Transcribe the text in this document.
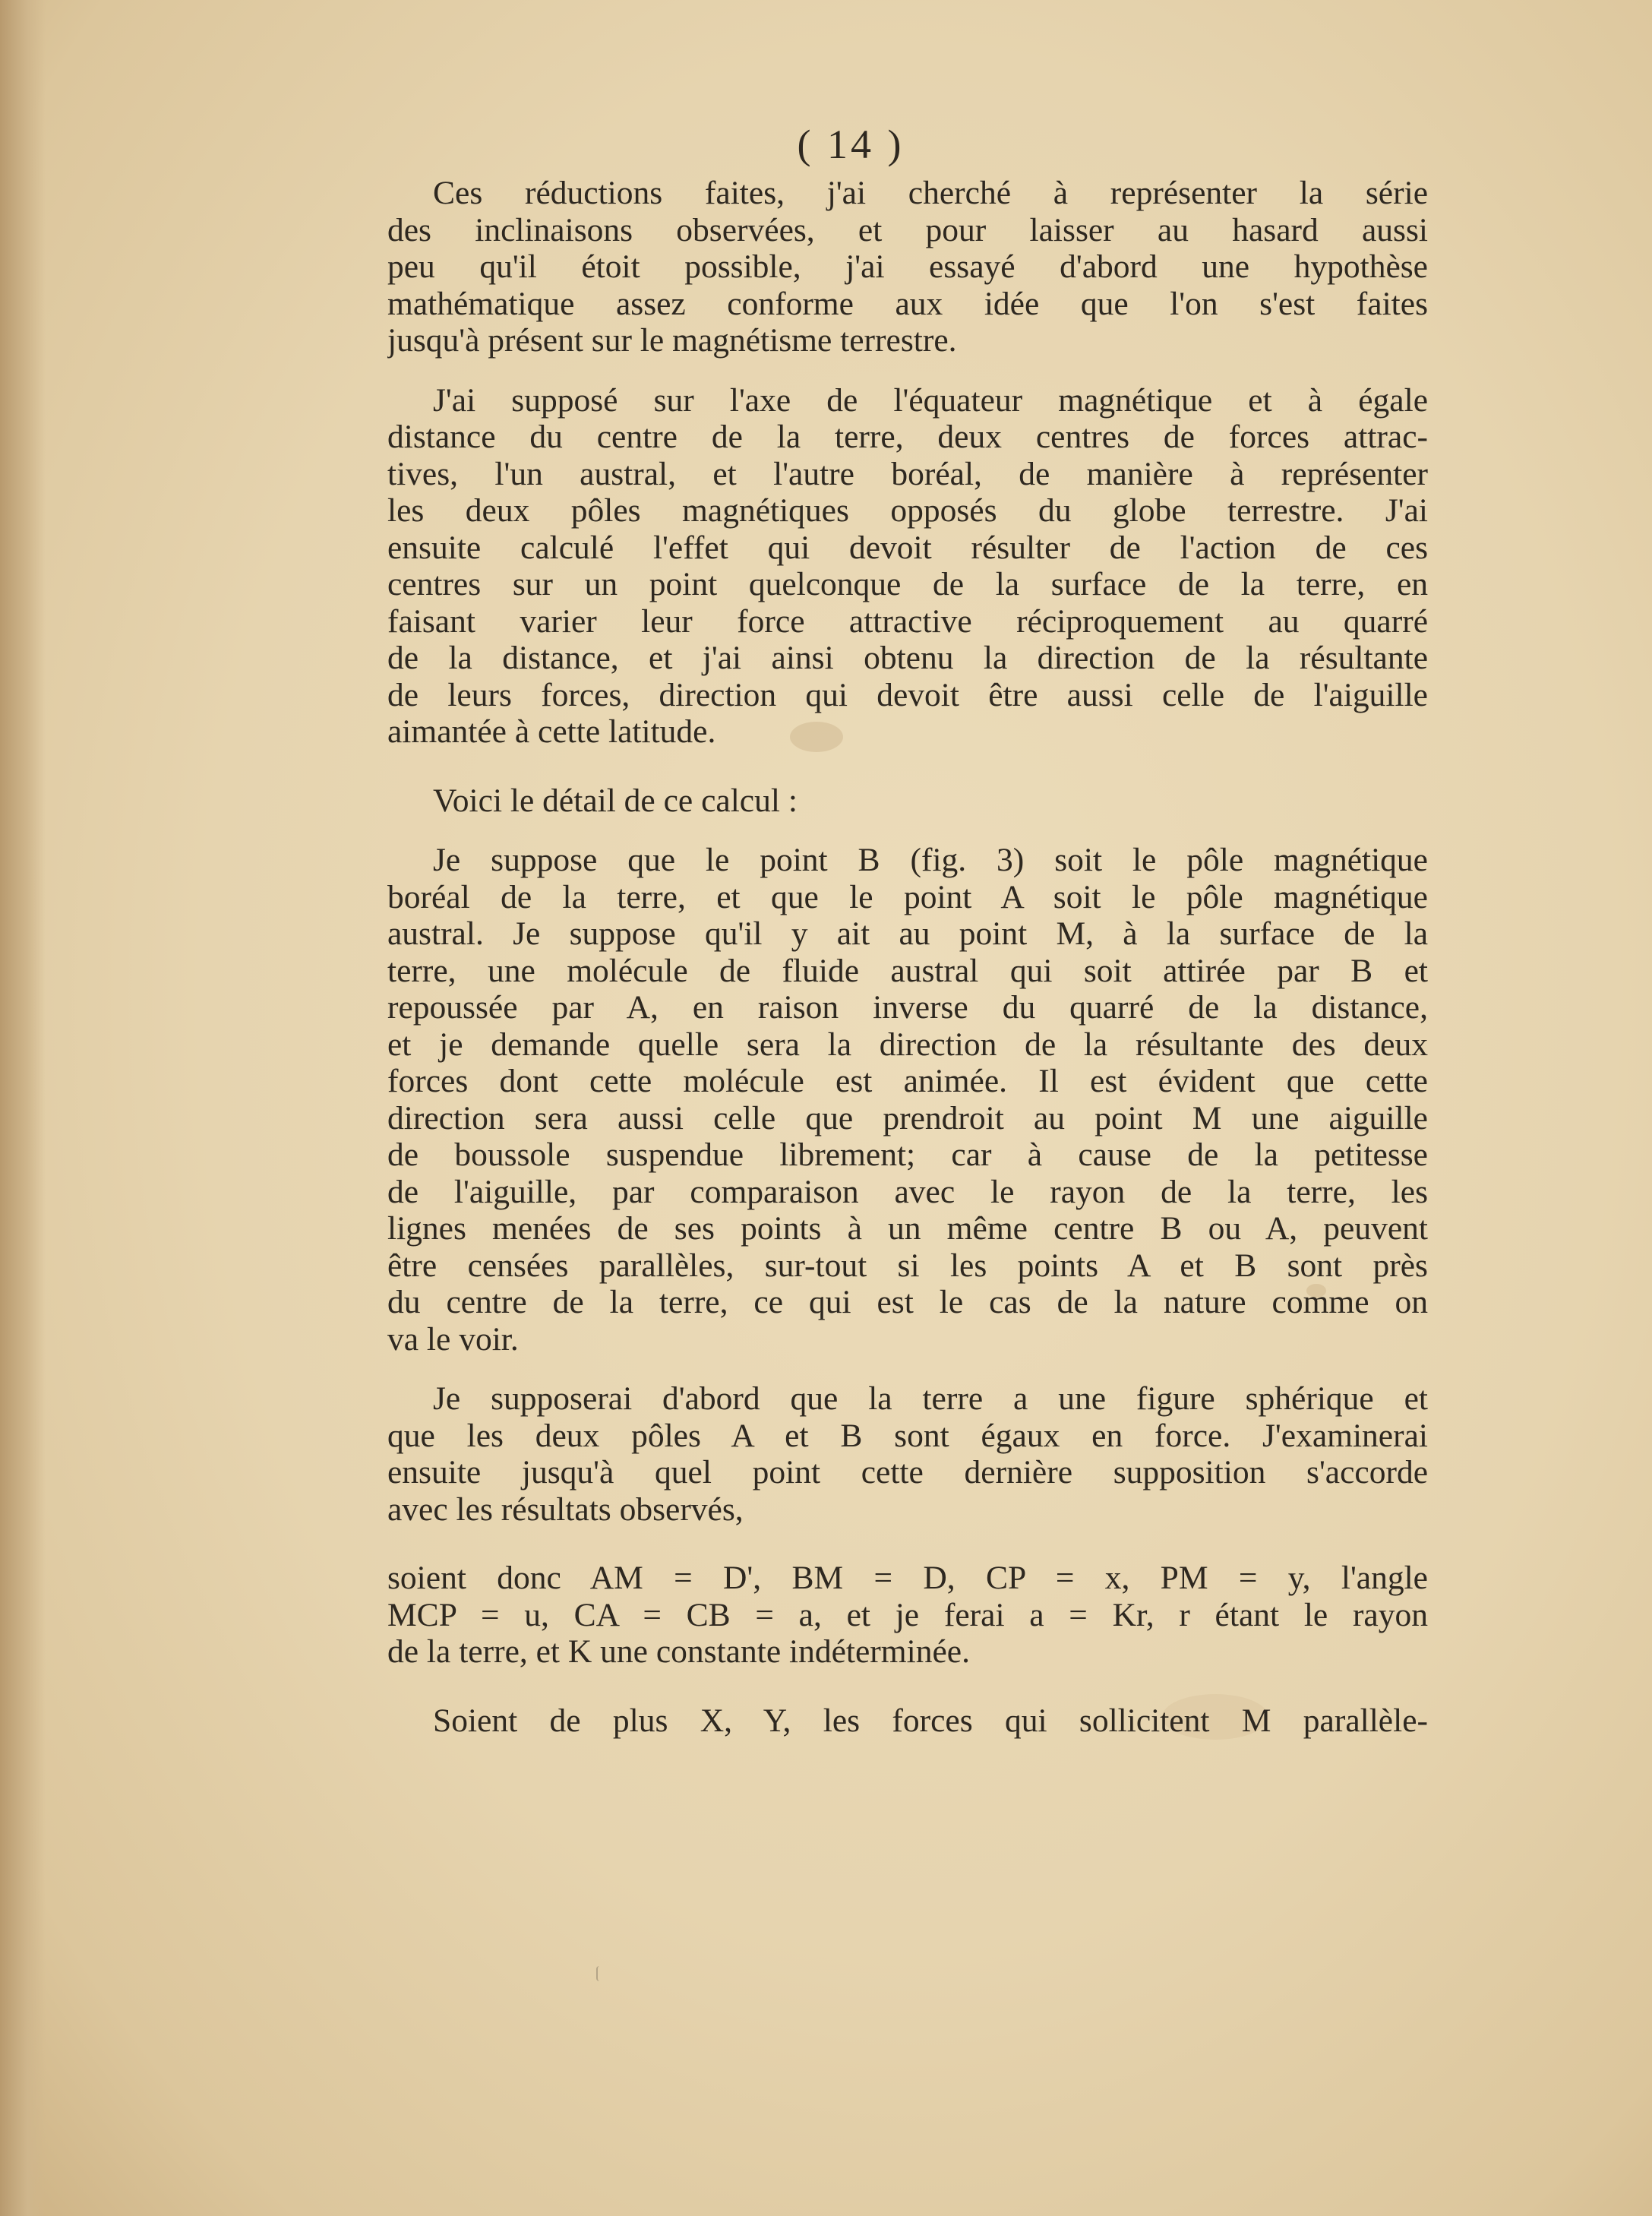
( 14 )
Ces réductions faites, j'ai cherché à représenter la série
des inclinaisons observées, et pour laisser au hasard aussi
peu qu'il étoit possible, j'ai essayé d'abord une hypothèse
mathématique assez conforme aux idée que l'on s'est faites
jusqu'à présent sur le magnétisme terrestre.
J'ai supposé sur l'axe de l'équateur magnétique et à égale
distance du centre de la terre, deux centres de forces attrac-
tives, l'un austral, et l'autre boréal, de manière à représenter
les deux pôles magnétiques opposés du globe terrestre. J'ai
ensuite calculé l'effet qui devoit résulter de l'action de ces
centres sur un point quelconque de la surface de la terre, en
faisant varier leur force attractive réciproquement au quarré
de la distance, et j'ai ainsi obtenu la direction de la résultante
de leurs forces, direction qui devoit être aussi celle de l'aiguille
aimantée à cette latitude.
Voici le détail de ce calcul :
Je suppose que le point B (fig. 3) soit le pôle magnétique
boréal de la terre, et que le point A soit le pôle magnétique
austral. Je suppose qu'il y ait au point M, à la surface de la
terre, une molécule de fluide austral qui soit attirée par B et
repoussée par A, en raison inverse du quarré de la distance,
et je demande quelle sera la direction de la résultante des deux
forces dont cette molécule est animée. Il est évident que cette
direction sera aussi celle que prendroit au point M une aiguille
de boussole suspendue librement; car à cause de la petitesse
de l'aiguille, par comparaison avec le rayon de la terre, les
lignes menées de ses points à un même centre B ou A, peuvent
être censées parallèles, sur-tout si les points A et B sont près
du centre de la terre, ce qui est le cas de la nature comme on
va le voir.
Je supposerai d'abord que la terre a une figure sphérique et
que les deux pôles A et B sont égaux en force. J'examinerai
ensuite jusqu'à quel point cette dernière supposition s'accorde
avec les résultats observés,
soient donc AM = D', BM = D, CP = x, PM = y, l'angle
MCP = u, CA = CB = a, et je ferai a = Kr, r étant le rayon
de la terre, et K une constante indéterminée.
Soient de plus X, Y, les forces qui sollicitent M parallèle-
